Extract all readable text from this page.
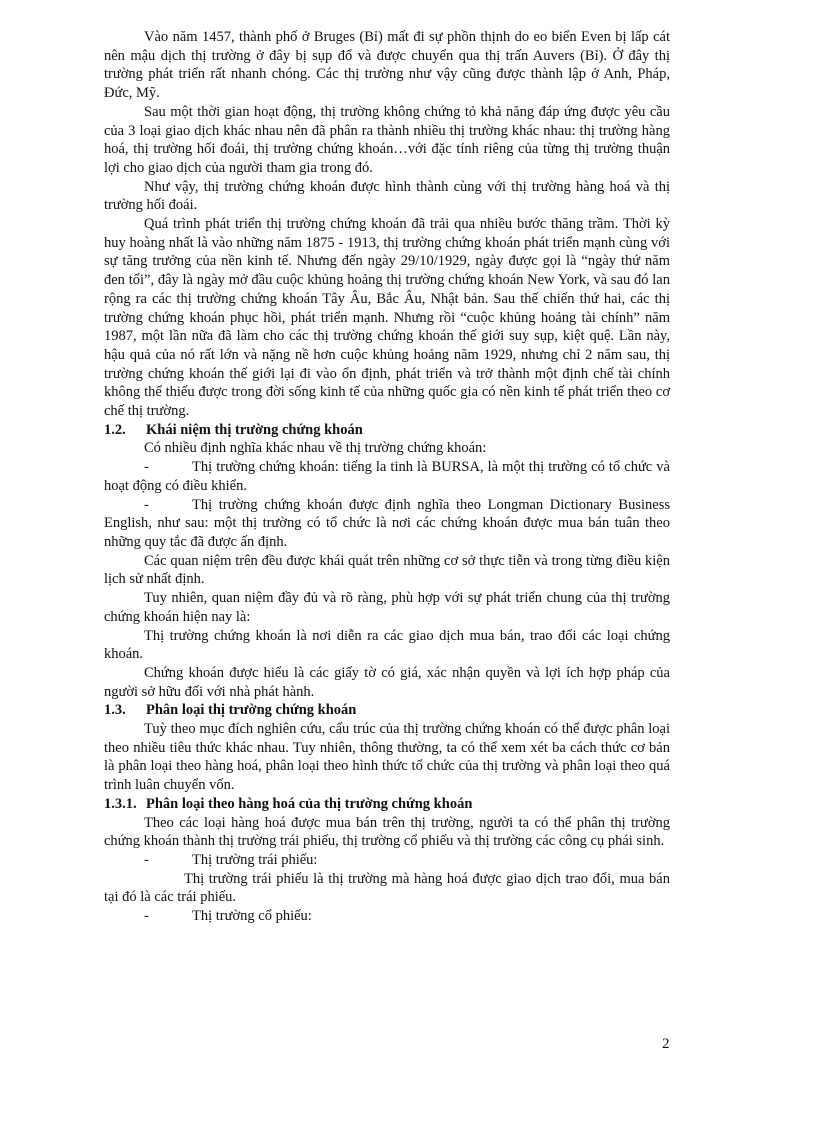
Vào năm 1457, thành phố ở Bruges (Bỉ) mất đi sự phồn thịnh do eo biển Even bị lấp cát nên mậu dịch thị trường ở đây bị sụp đổ và được chuyển qua thị trấn Auvers (Bỉ). Ở đây thị trường phát triển rất nhanh chóng. Các thị trường như vậy cũng được thành lập ở Anh, Pháp, Đức, Mỹ.

Sau một thời gian hoạt động, thị trường không chứng tỏ khả năng đáp ứng được yêu cầu của 3 loại giao dịch khác nhau nên đã phân ra thành nhiều thị trường khác nhau: thị trường hàng hoá, thị trường hối đoái, thị trường chứng khoán…với đặc tính riêng của từng thị trường thuận lợi cho giao dịch của người tham gia trong đó.

Như vậy, thị trường chứng khoán được hình thành cùng với thị trường hàng hoá và thị trường hối đoái.

Quá trình phát triển thị trường chứng khoán đã trải qua nhiều bước thăng trầm. Thời kỳ huy hoàng nhất là vào những năm 1875 - 1913, thị trường chứng khoán phát triển mạnh cùng với sự tăng trưởng của nền kinh tế. Nhưng đến ngày 29/10/1929, ngày được gọi là “ngày thứ năm đen tối”, đây là ngày mở đầu cuộc khủng hoảng thị trường chứng khoán New York, và sau đó lan rộng ra các thị trường chứng khoán Tây Âu, Bắc Âu, Nhật bản. Sau thế chiến thứ hai, các thị trường chứng khoán phục hồi, phát triển mạnh. Nhưng rồi “cuộc khủng hoảng tài chính” năm 1987, một lần nữa đã làm cho các thị trường chứng khoán thế giới suy sụp, kiệt quệ. Lần này, hậu quả của nó rất lớn và nặng nề hơn cuộc khủng hoảng năm 1929, nhưng chỉ 2 năm sau, thị trường chứng khoán thế giới lại đi vào ổn định, phát triển và trở thành một định chế tài chính không thể thiếu được trong đời sống kinh tế của những quốc gia có nền kinh tế phát triển theo cơ chế thị trường.

1.2. Khái niệm thị trường chứng khoán

Có nhiều định nghĩa khác nhau về thị trường chứng khoán:

-	Thị trường chứng khoán: tiếng la tinh là BURSA, là một thị trường có tổ chức và hoạt động có điều khiển.

-	Thị trường chứng khoán được định nghĩa theo Longman Dictionary Business English, như sau: một thị trường có tổ chức là nơi các chứng khoán được mua bán tuân theo những quy tắc đã được ấn định.

Các quan niệm trên đều được khái quát trên những cơ sở thực tiễn và trong từng điều kiện lịch sử nhất định.

Tuy nhiên, quan niệm đầy đủ và rõ ràng, phù hợp với sự phát triển chung của thị trường chứng khoán hiện nay là:

Thị trường chứng khoán là nơi diễn ra các giao dịch mua bán, trao đổi các loại chứng khoán.

Chứng khoán được hiểu là các giấy tờ có giá, xác nhận quyền và lợi ích hợp pháp của người sở hữu đối với nhà phát hành.

1.3. Phân loại thị trường chứng khoán

Tuỳ theo mục đích nghiên cứu, cấu trúc của thị trường chứng khoán có thể được phân loại theo nhiều tiêu thức khác nhau. Tuy nhiên, thông thường, ta có thể xem xét ba cách thức cơ bản là phân loại theo hàng hoá, phân loại theo hình thức tổ chức của thị trường và phân loại theo quá trình luân chuyển vốn.

1.3.1. Phân loại theo hàng hoá của thị trường chứng khoán

Theo các loại hàng hoá được mua bán trên thị trường, người ta có thể phân thị trường chứng khoán thành thị trường trái phiếu, thị trường cổ phiếu và thị trường các công cụ phái sinh.

-	Thị trường trái phiếu:

Thị trường trái phiếu là thị trường mà hàng hoá được giao dịch trao đổi, mua bán tại đó là các trái phiếu.

-	Thị trường cổ phiếu:

2
